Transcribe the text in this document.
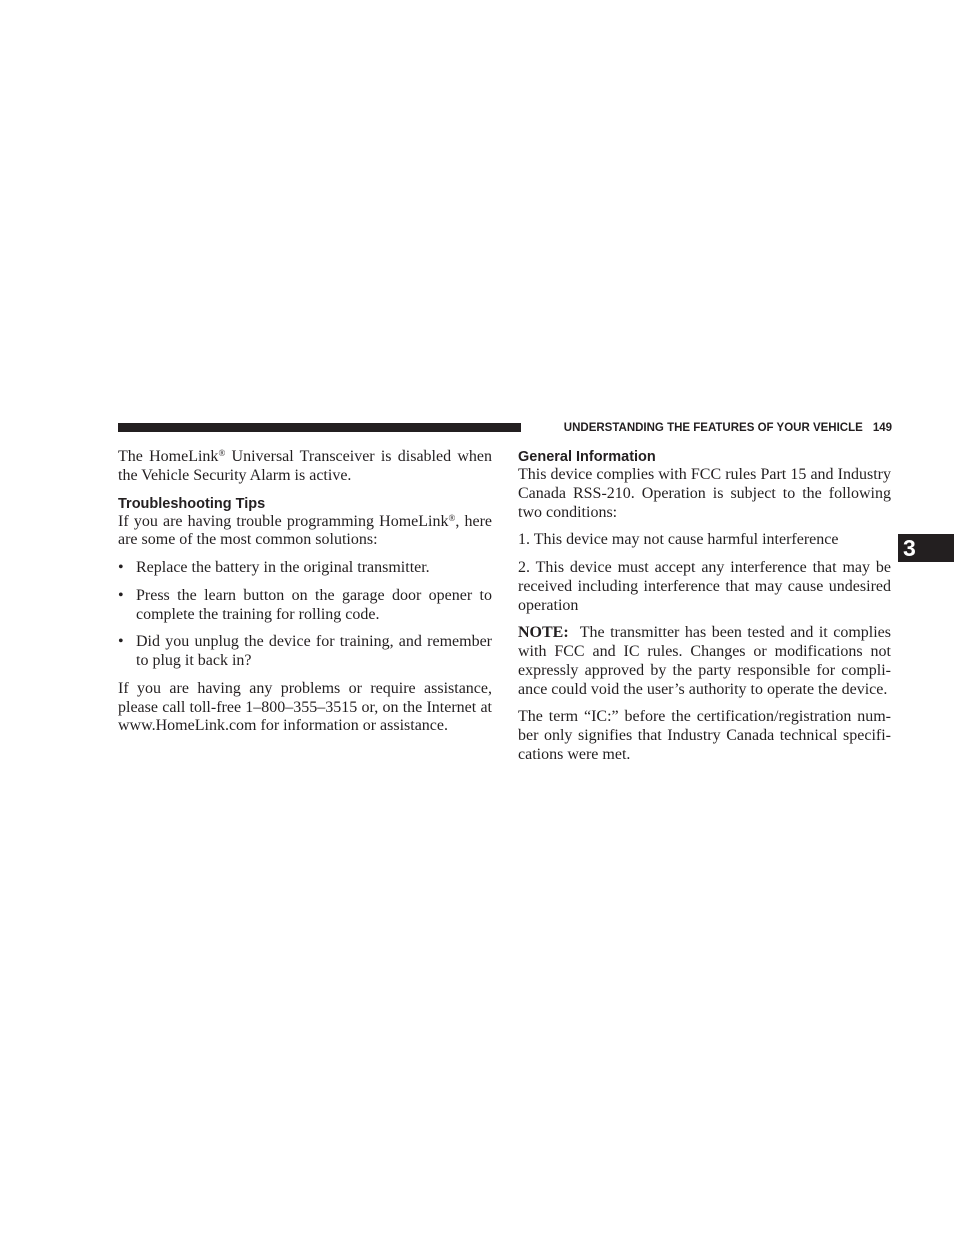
UNDERSTANDING THE FEATURES OF YOUR VEHICLE 149
3

The HomeLink® Universal Transceiver is disabled when the Vehicle Security Alarm is active.

Troubleshooting Tips

If you are having trouble programming HomeLink®, here are some of the most common solutions:

• Replace the battery in the original transmitter.

• Press the learn button on the garage door opener to complete the training for rolling code.

• Did you unplug the device for training, and remember to plug it back in?

If you are having any problems or require assistance, please call toll-free 1–800–355–3515 or, on the Internet at www.HomeLink.com for information or assistance.

General Information

This device complies with FCC rules Part 15 and Industry Canada RSS-210. Operation is subject to the following two conditions:

1. This device may not cause harmful interference

2. This device must accept any interference that may be received including interference that may cause undesired operation

NOTE: The transmitter has been tested and it complies with FCC and IC rules. Changes or modifications not expressly approved by the party responsible for compliance could void the user’s authority to operate the device.

The term “IC:” before the certification/registration number only signifies that Industry Canada technical specifications were met.
